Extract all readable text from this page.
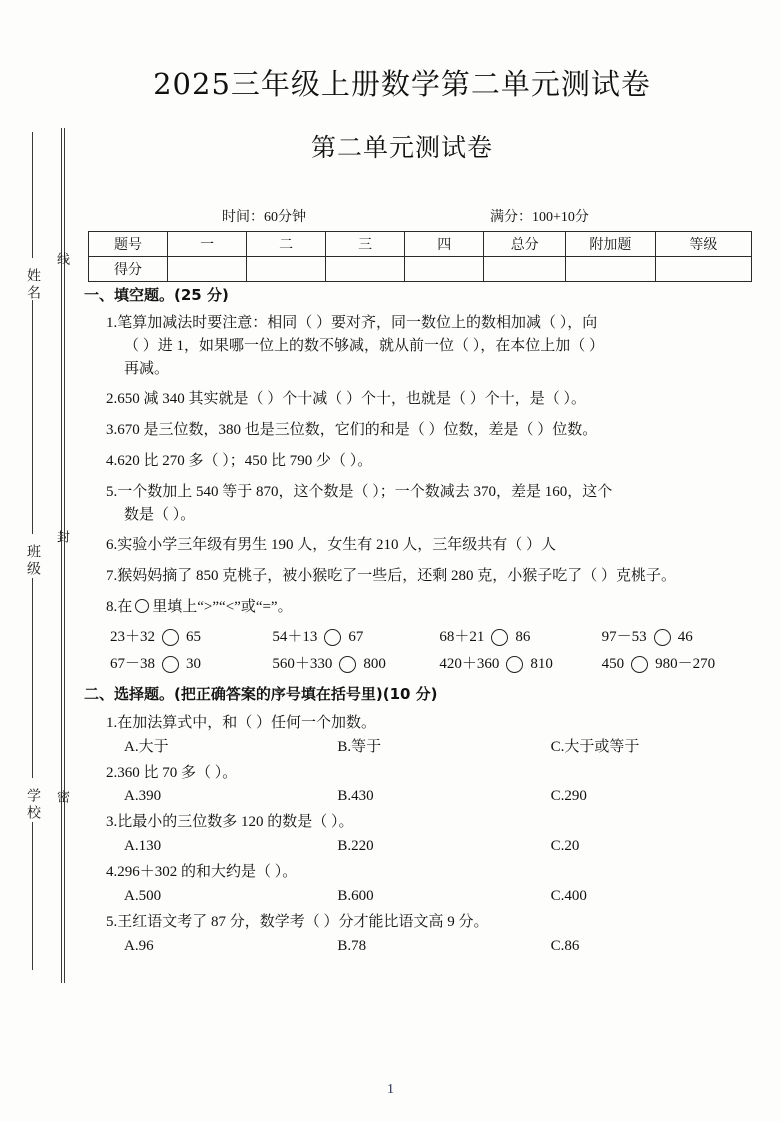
姓名
班级
学校
线
封
密
2025三年级上册数学第二单元测试卷
第二单元测试卷
时间：60分钟	满分：100+10分
题号	一	二	三	四	总分	附加题	等级
得分							
一、填空题。(25 分)
1.笔算加减法时要注意：相同（ ）要对齐，同一数位上的数相加减（ ），向
（ ）进 1，如果哪一位上的数不够减，就从前一位（ ），在本位上加（ ）
再减。
2.650 减 340 其实就是（ ）个十减（ ）个十，也就是（ ）个十，是（ ）。
3.670 是三位数，380 也是三位数，它们的和是（ ）位数，差是（ ）位数。
4.620 比 270 多（ ）；450 比 790 少（ ）。
5.一个数加上 540 等于 870，这个数是（ ）；一个数减去 370，差是 160，这个
数是（ ）。
6.实验小学三年级有男生 190 人，女生有 210 人，三年级共有（ ）人
7.猴妈妈摘了 850 克桃子，被小猴吃了一些后，还剩 280 克，小猴子吃了（ ）克桃子。
8.在 里填上“>”“<”或“=”。
23＋32 65	54＋13 67	68＋21 86	97－53 46
67－38 30	560＋330 800	420＋360 810	450 980－270
二、选择题。(把正确答案的序号填在括号里)(10 分)
1.在加法算式中，和（ ）任何一个加数。
A.大于	B.等于	C.大于或等于
2.360 比 70 多（ ）。
A.390	B.430	C.290
3.比最小的三位数多 120 的数是（ ）。
A.130	B.220	C.20
4.296＋302 的和大约是（ ）。
A.500	B.600	C.400
5.王红语文考了 87 分，数学考（ ）分才能比语文高 9 分。
A.96	B.78	C.86
1
